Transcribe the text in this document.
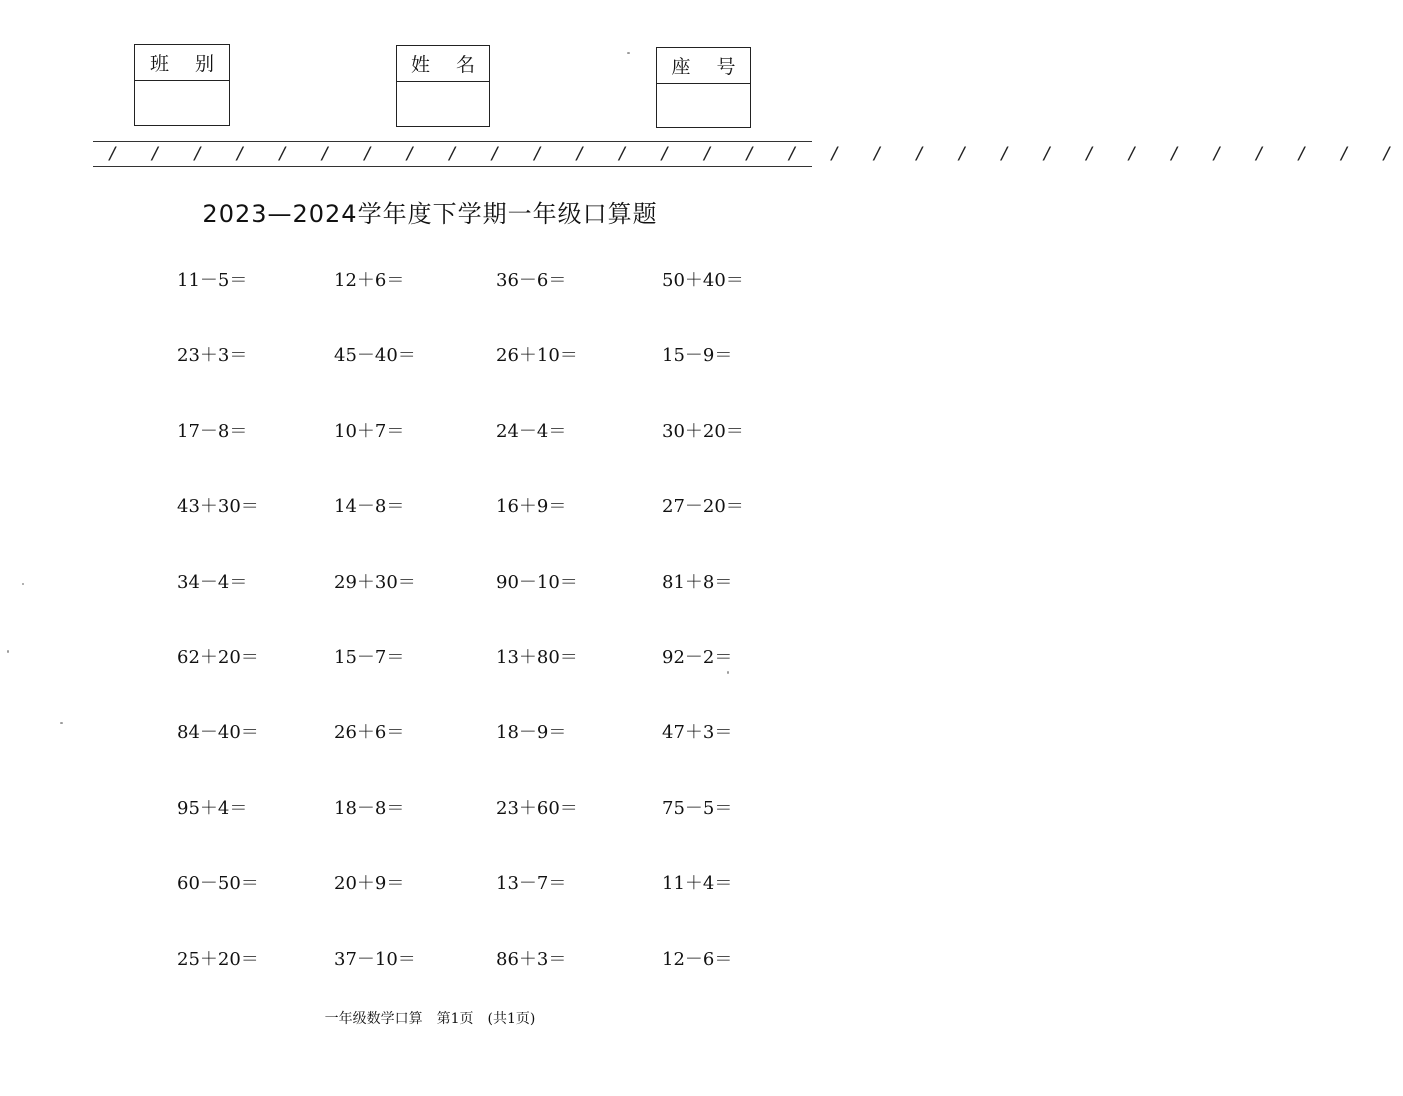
班 别	姓 名	座 号
/ / / / / / / / / / / / / / / / / / / / / / / / / / / / / / /
2023—2024学年度下学期一年级口算题
11－5＝	12＋6＝	36－6＝	50＋40＝
23＋3＝	45－40＝	26＋10＝	15－9＝
17－8＝	10＋7＝	24－4＝	30＋20＝
43＋30＝	14－8＝	16＋9＝	27－20＝
34－4＝	29＋30＝	90－10＝	81＋8＝
62＋20＝	15－7＝	13＋80＝	92－2＝
84－40＝	26＋6＝	18－9＝	47＋3＝
95＋4＝	18－8＝	23＋60＝	75－5＝
60－50＝	20＋9＝	13－7＝	11＋4＝
25＋20＝	37－10＝	86＋3＝	12－6＝
一年级数学口算　第1页　(共1页)
